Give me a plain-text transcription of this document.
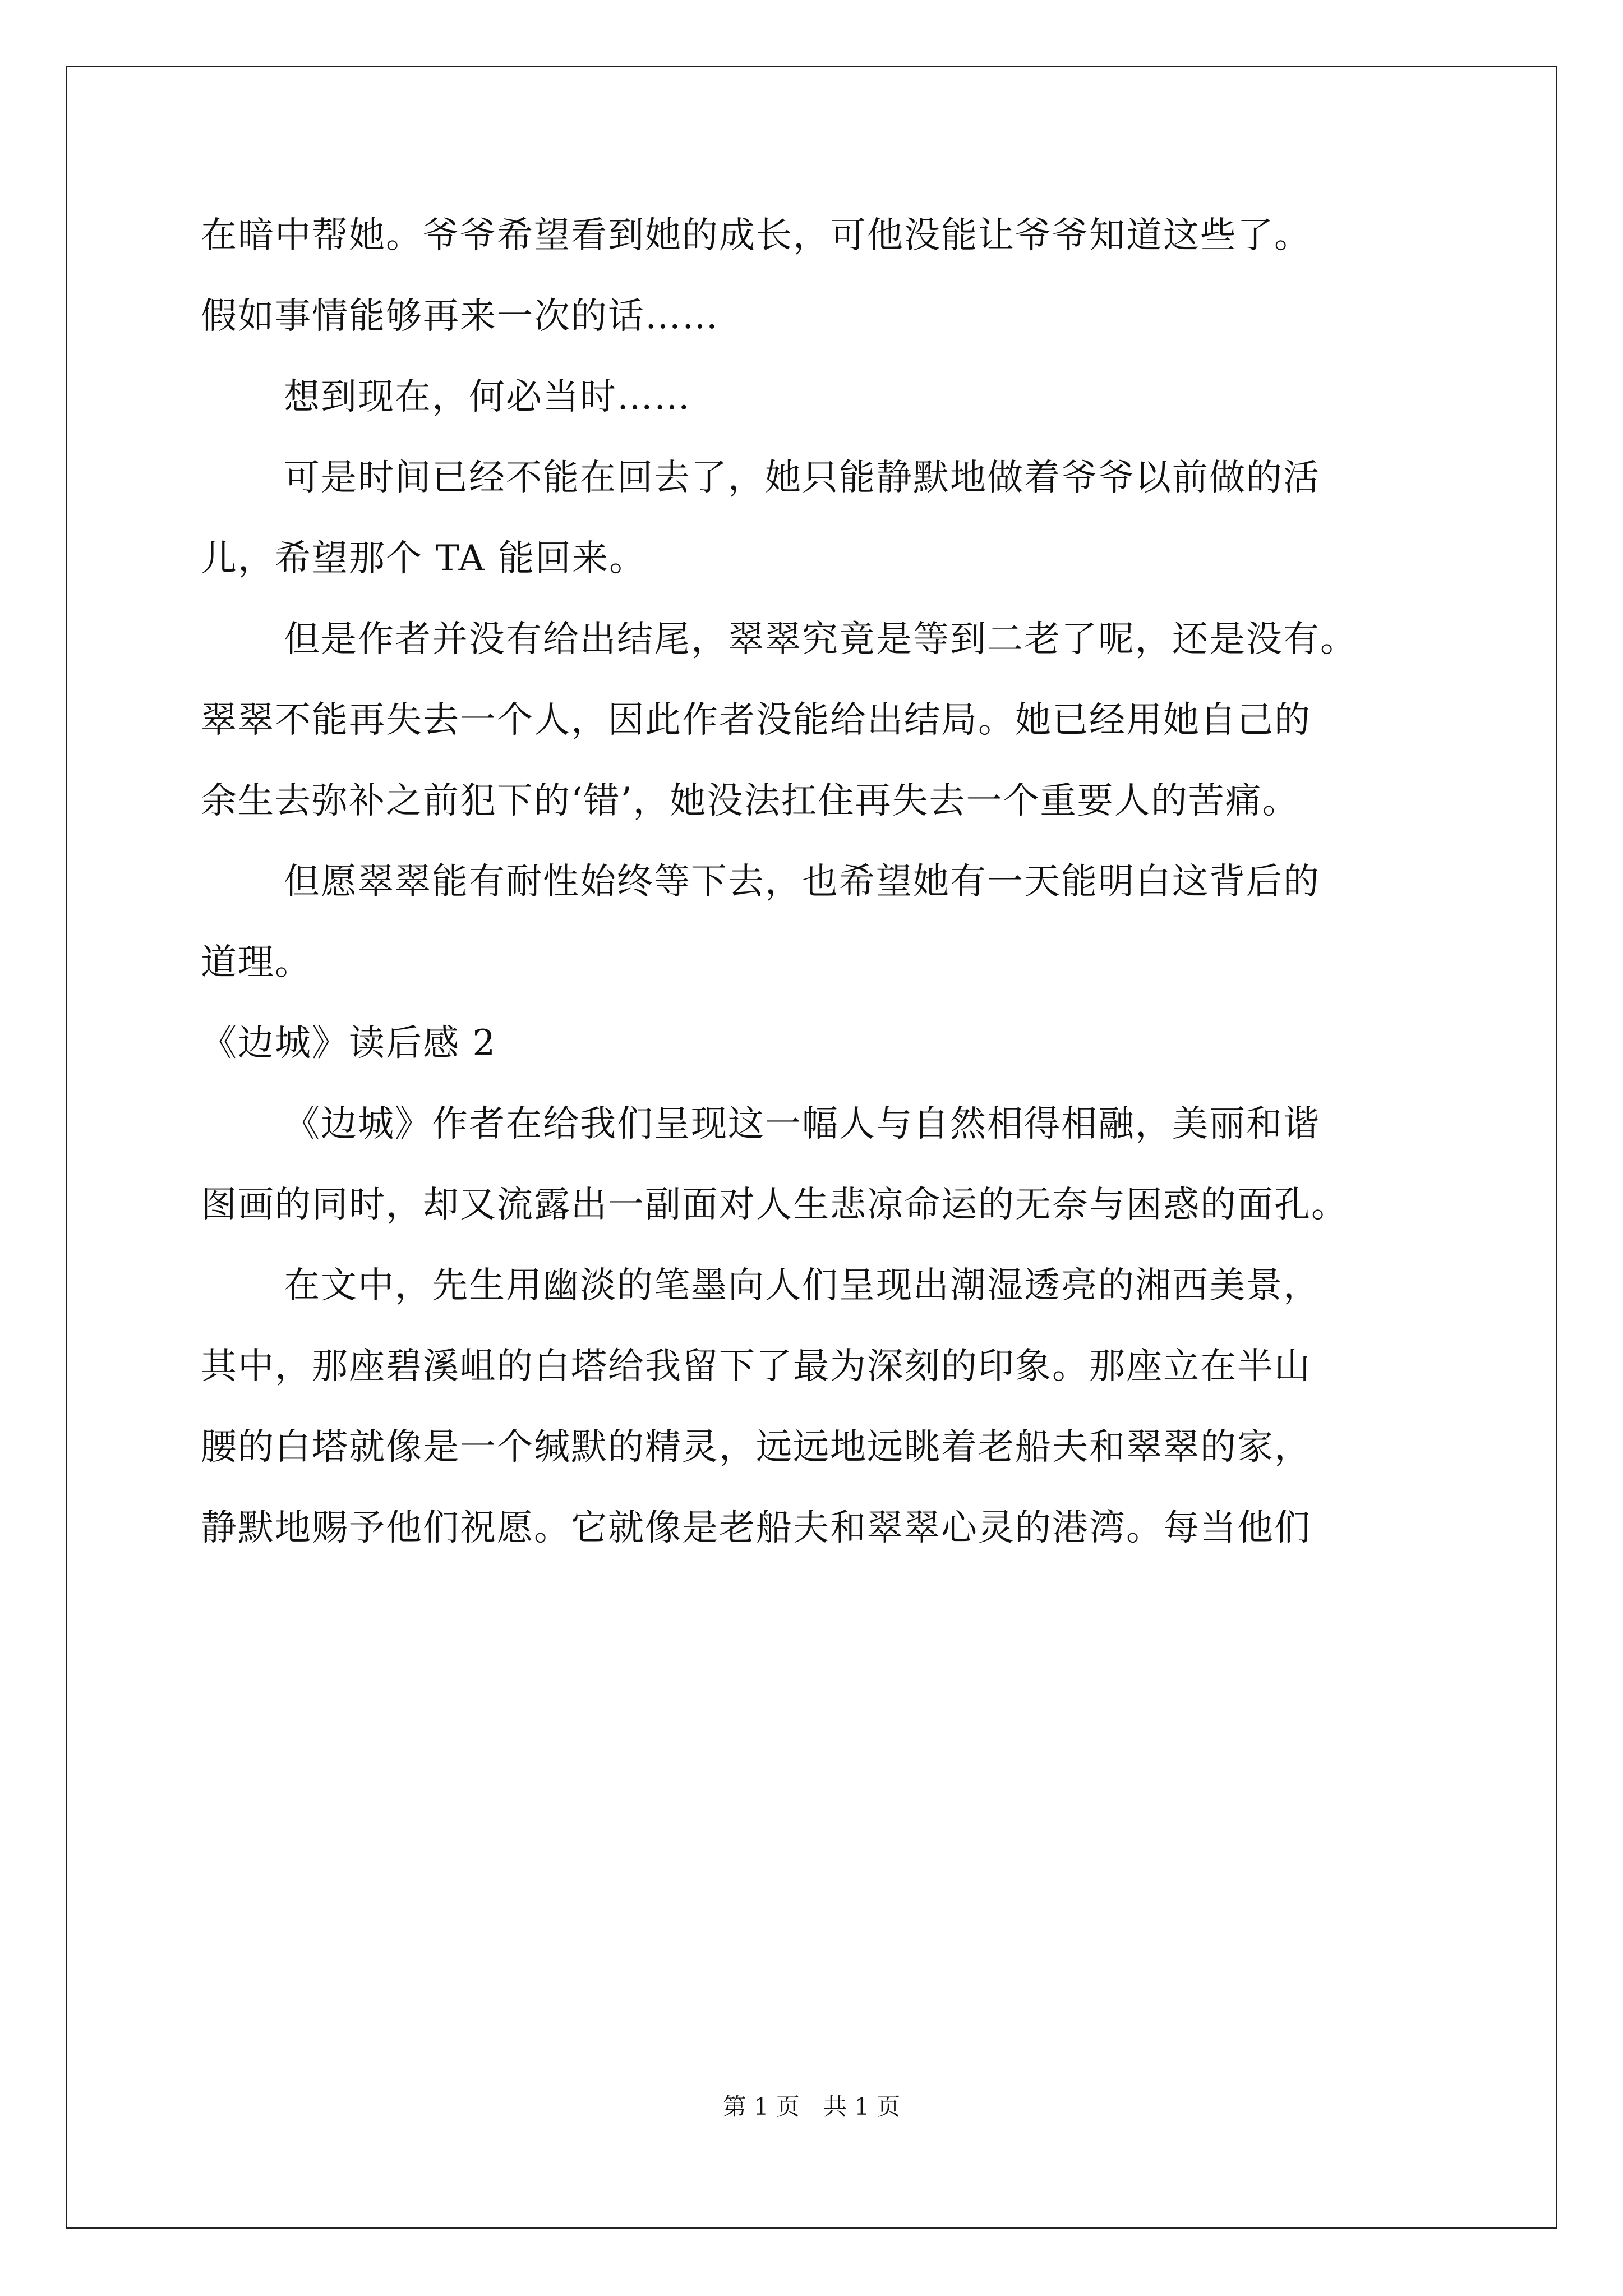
在暗中帮她。爷爷希望看到她的成长，可他没能让爷爷知道这些了。
假如事情能够再来一次的话……
想到现在，何必当时……
可是时间已经不能在回去了，她只能静默地做着爷爷以前做的活
儿，希望那个 TA 能回来。
但是作者并没有给出结尾，翠翠究竟是等到二老了呢，还是没有。
翠翠不能再失去一个人，因此作者没能给出结局。她已经用她自己的
余生去弥补之前犯下的‘错’，她没法扛住再失去一个重要人的苦痛。
但愿翠翠能有耐性始终等下去，也希望她有一天能明白这背后的
道理。
《边城》读后感 2
《边城》作者在给我们呈现这一幅人与自然相得相融，美丽和谐
图画的同时，却又流露出一副面对人生悲凉命运的无奈与困惑的面孔。
在文中，先生用幽淡的笔墨向人们呈现出潮湿透亮的湘西美景，
其中，那座碧溪岨的白塔给我留下了最为深刻的印象。那座立在半山
腰的白塔就像是一个缄默的精灵，远远地远眺着老船夫和翠翠的家，
静默地赐予他们祝愿。它就像是老船夫和翠翠心灵的港湾。每当他们
第 1 页　共 1 页
